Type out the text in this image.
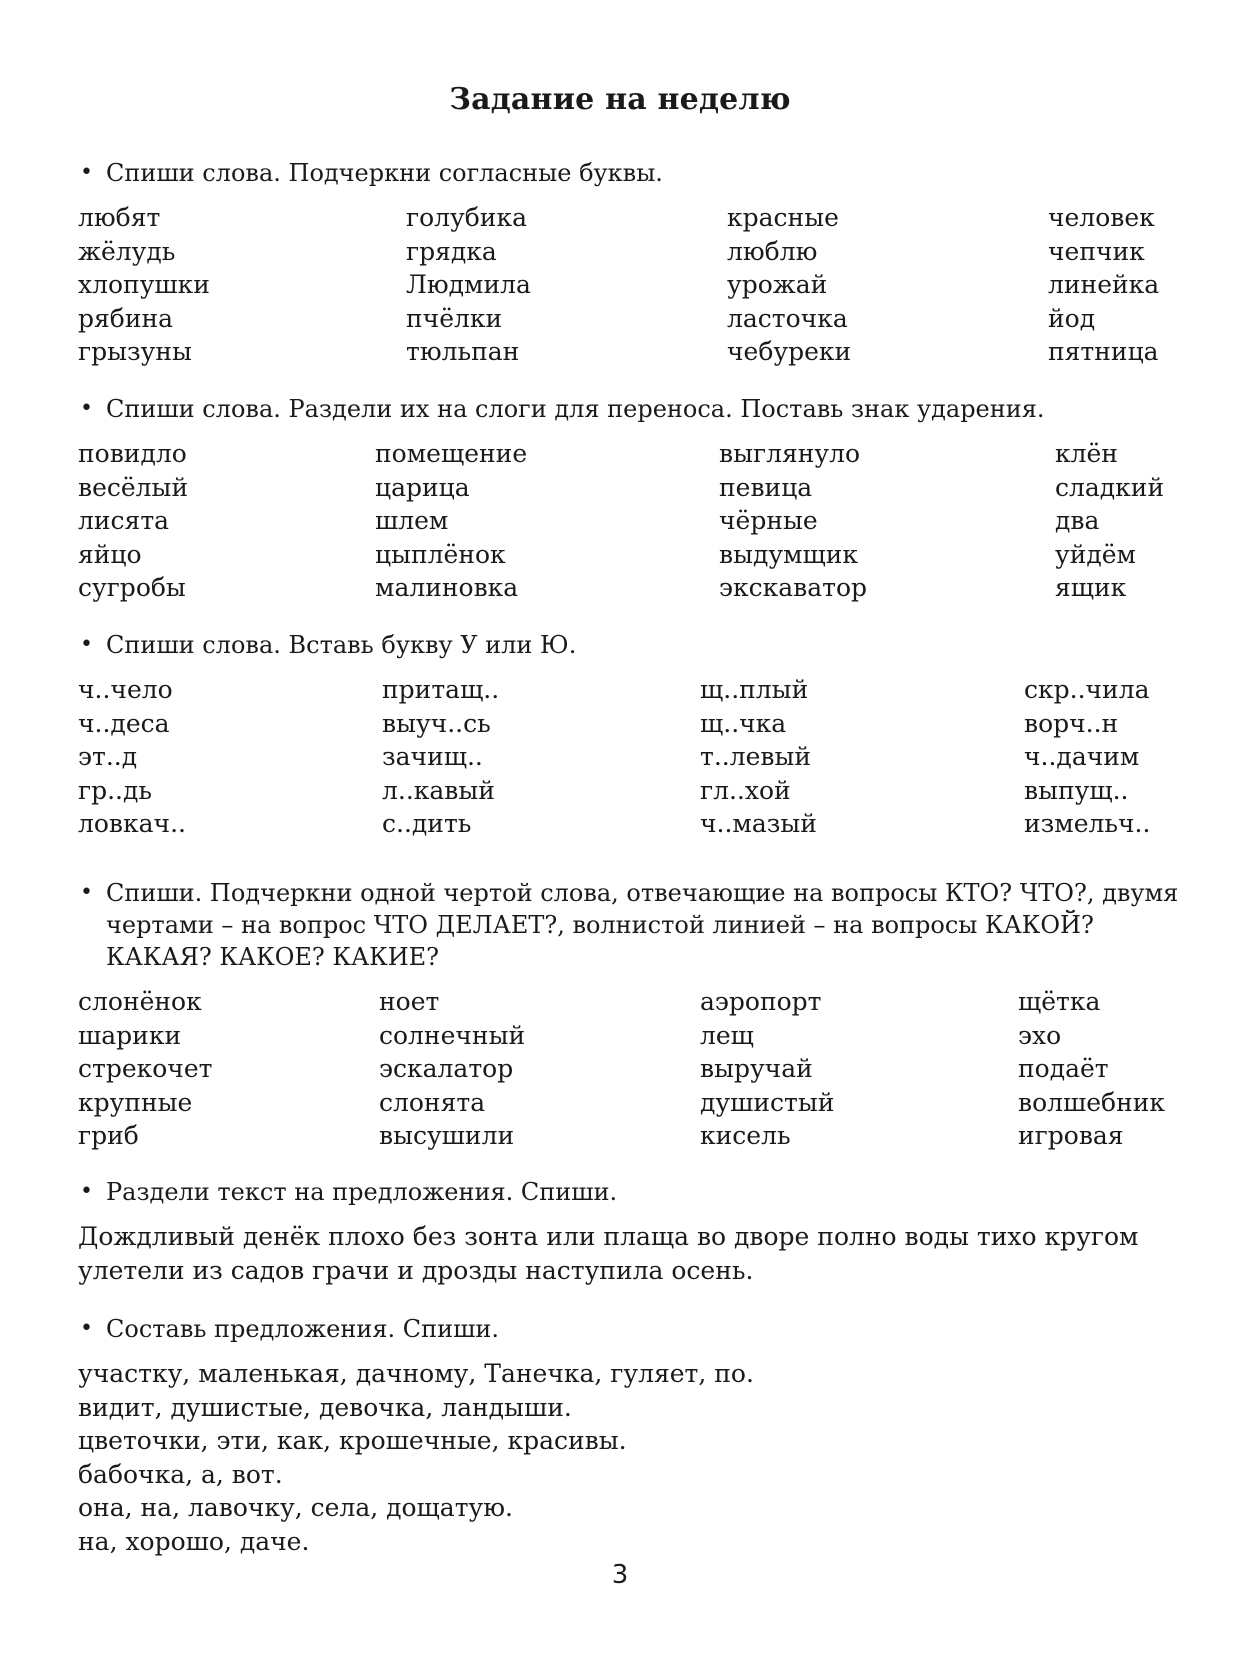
Задание на неделю
• Спиши слова. Подчеркни согласные буквы.
любят
жёлудь
хлопушки
рябина
грызуны
голубика
грядка
Людмила
пчёлки
тюльпан
красные
люблю
урожай
ласточка
чебуреки
человек
чепчик
линейка
йод
пятница
• Спиши слова. Раздели их на слоги для переноса. Поставь знак ударения.
повидло
весёлый
лисята
яйцо
сугробы
помещение
царица
шлем
цыплёнок
малиновка
выглянуло
певица
чёрные
выдумщик
экскаватор
клён
сладкий
два
уйдём
ящик
• Спиши слова. Вставь букву У или Ю.
ч..чело
ч..деса
эт..д
гр..дь
ловкач..
притащ..
выуч..сь
зачищ..
л..кавый
с..дить
щ..плый
щ..чка
т..левый
гл..хой
ч..мазый
скр..чила
ворч..н
ч..дачим
выпущ..
измельч..
• Спиши. Подчеркни одной чертой слова, отвечающие на вопросы КТО? ЧТО?, двумя
чертами – на вопрос ЧТО ДЕЛАЕТ?, волнистой линией – на вопросы КАКОЙ?
КАКАЯ? КАКОЕ? КАКИЕ?
слонёнок
шарики
стрекочет
крупные
гриб
ноет
солнечный
эскалатор
слонята
высушили
аэропорт
лещ
выручай
душистый
кисель
щётка
эхо
подаёт
волшебник
игровая
• Раздели текст на предложения. Спиши.
Дождливый денёк плохо без зонта или плаща во дворе полно воды тихо кругом
улетели из садов грачи и дрозды наступила осень.
• Составь предложения. Спиши.
участку, маленькая, дачному, Танечка, гуляет, по.
видит, душистые, девочка, ландыши.
цветочки, эти, как, крошечные, красивы.
бабочка, а, вот.
она, на, лавочку, села, дощатую.
на, хорошо, даче.
3
